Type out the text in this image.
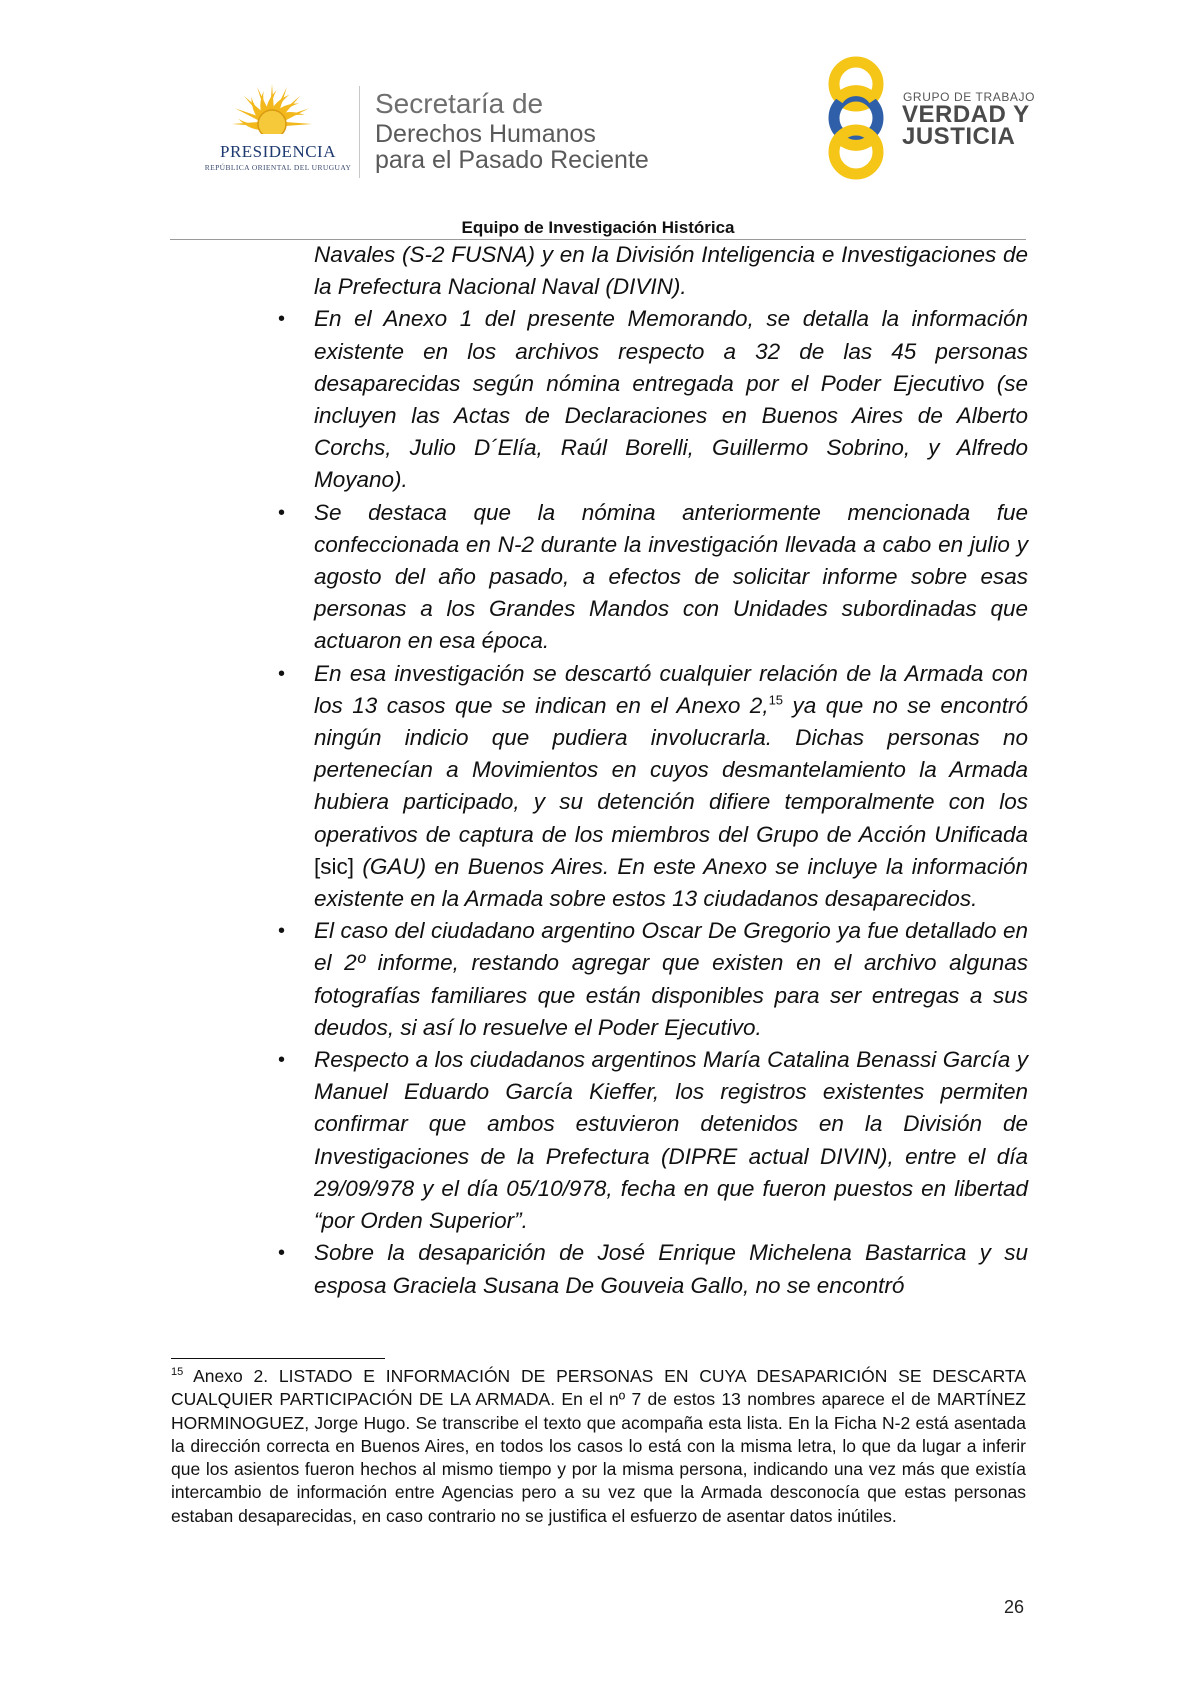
PRESIDENCIA
REPÚBLICA ORIENTAL DEL URUGUAY
Secretaría de
Derechos Humanos
para el Pasado Reciente
GRUPO DE TRABAJO
VERDAD Y
JUSTICIA
Equipo de Investigación Histórica

Navales (S-2 FUSNA) y en la División Inteligencia e Investigaciones de la Prefectura Nacional Naval (DIVIN).

• En el Anexo 1 del presente Memorando, se detalla la información existente en los archivos respecto a 32 de las 45 personas desaparecidas según nómina entregada por el Poder Ejecutivo (se incluyen las Actas de Declaraciones en Buenos Aires de Alberto Corchs, Julio D´Elía, Raúl Borelli, Guillermo Sobrino, y Alfredo Moyano).

• Se destaca que la nómina anteriormente mencionada fue confeccionada en N-2 durante la investigación llevada a cabo en julio y agosto del año pasado, a efectos de solicitar informe sobre esas personas a los Grandes Mandos con Unidades subordinadas que actuaron en esa época.

• En esa investigación se descartó cualquier relación de la Armada con los 13 casos que se indican en el Anexo 2,15 ya que no se encontró ningún indicio que pudiera involucrarla. Dichas personas no pertenecían a Movimientos en cuyos desmantelamiento la Armada hubiera participado, y su detención difiere temporalmente con los operativos de captura de los miembros del Grupo de Acción Unificada [sic] (GAU) en Buenos Aires. En este Anexo se incluye la información existente en la Armada sobre estos 13 ciudadanos desaparecidos.

• El caso del ciudadano argentino Oscar De Gregorio ya fue detallado en el 2º informe, restando agregar que existen en el archivo algunas fotografías familiares que están disponibles para ser entregas a sus deudos, si así lo resuelve el Poder Ejecutivo.

• Respecto a los ciudadanos argentinos María Catalina Benassi García y Manuel Eduardo García Kieffer, los registros existentes permiten confirmar que ambos estuvieron detenidos en la División de Investigaciones de la Prefectura (DIPRE actual DIVIN), entre el día 29/09/978 y el día 05/10/978, fecha en que fueron puestos en libertad “por Orden Superior”.

• Sobre la desaparición de José Enrique Michelena Bastarrica y su esposa Graciela Susana De Gouveia Gallo, no se encontró

$^{15}$ Anexo 2. LISTADO E INFORMACIÓN DE PERSONAS EN CUYA DESAPARICIÓN SE DESCARTA CUALQUIER PARTICIPACIÓN DE LA ARMADA. En el nº 7 de estos 13 nombres aparece el de MARTÍNEZ HORMINOGUEZ, Jorge Hugo. Se transcribe el texto que acompaña esta lista. En la Ficha N-2 está asentada la dirección correcta en Buenos Aires, en todos los casos lo está con la misma letra, lo que da lugar a inferir que los asientos fueron hechos al mismo tiempo y por la misma persona, indicando una vez más que existía intercambio de información entre Agencias pero a su vez que la Armada desconocía que estas personas estaban desaparecidas, en caso contrario no se justifica el esfuerzo de asentar datos inútiles.
26
